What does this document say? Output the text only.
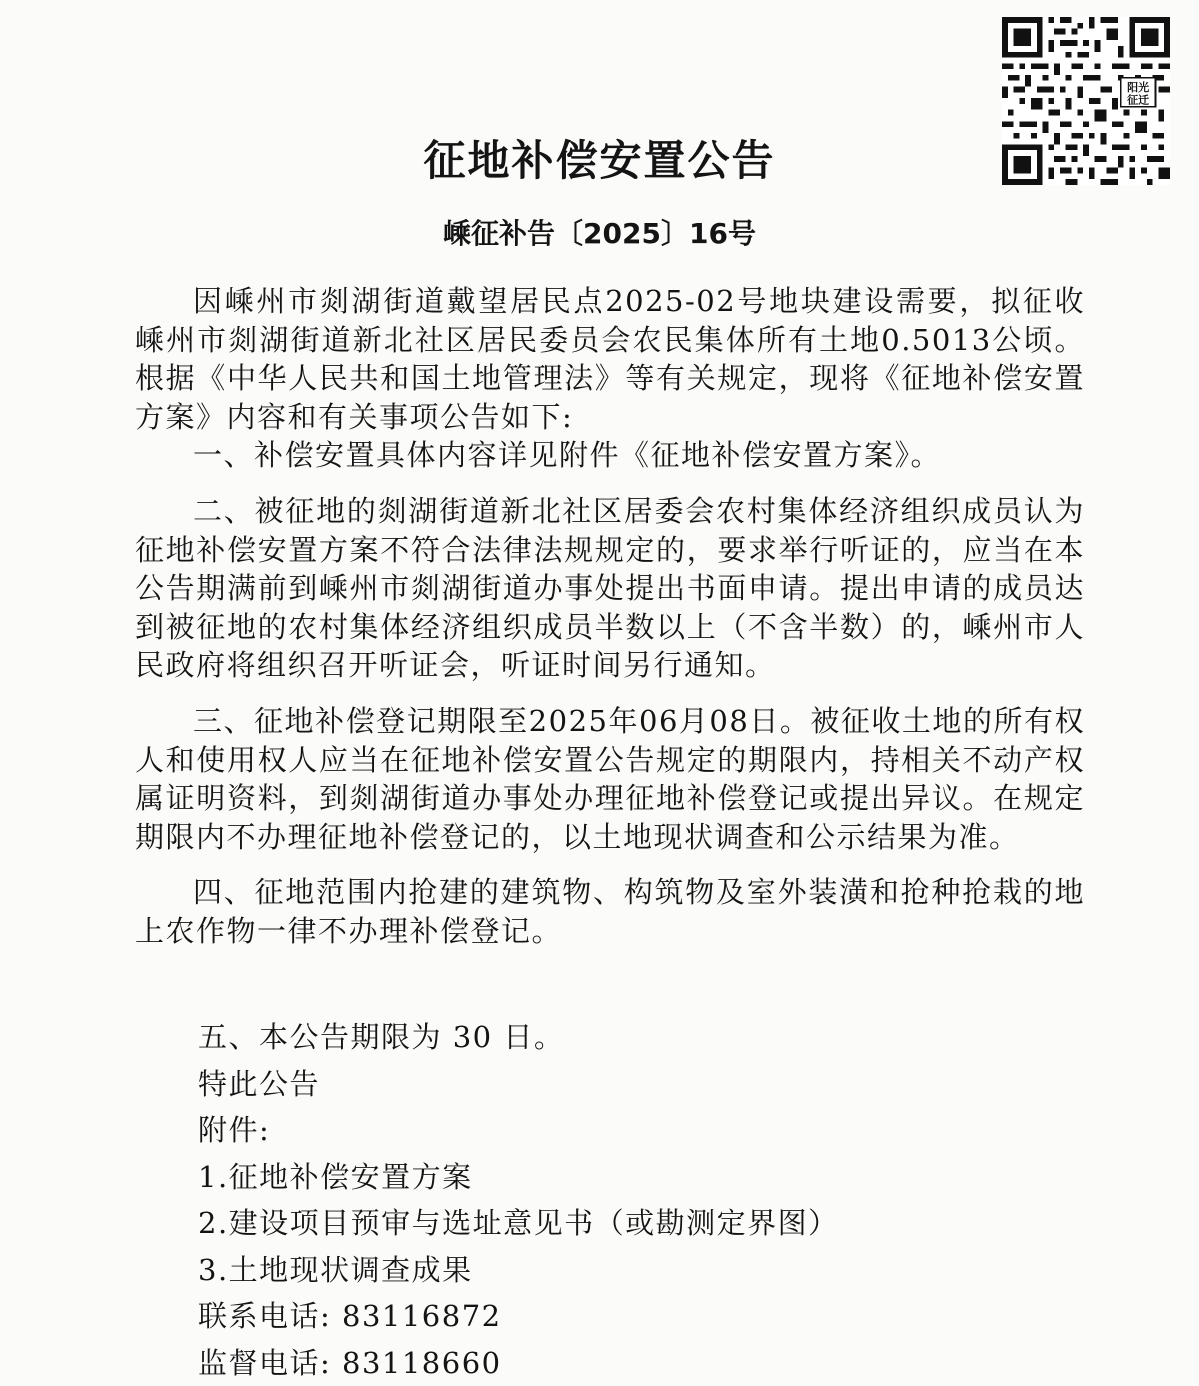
阳光
征迁
征地补偿安置公告
嵊征补告〔2025〕16号

因嵊州市剡湖街道戴望居民点2025-02号地块建设需要，拟征收嵊州市剡湖街道新北社区居民委员会农民集体所有土地0.5013公顷。根据《中华人民共和国土地管理法》等有关规定，现将《征地补偿安置方案》内容和有关事项公告如下:

一、补偿安置具体内容详见附件《征地补偿安置方案》。

二、被征地的剡湖街道新北社区居委会农村集体经济组织成员认为征地补偿安置方案不符合法律法规规定的，要求举行听证的，应当在本公告期满前到嵊州市剡湖街道办事处提出书面申请。提出申请的成员达到被征地的农村集体经济组织成员半数以上（不含半数）的，嵊州市人民政府将组织召开听证会，听证时间另行通知。

三、征地补偿登记期限至2025年06月08日。被征收土地的所有权人和使用权人应当在征地补偿安置公告规定的期限内，持相关不动产权属证明资料，到剡湖街道办事处办理征地补偿登记或提出异议。在规定期限内不办理征地补偿登记的，以土地现状调查和公示结果为准。

四、征地范围内抢建的建筑物、构筑物及室外装潢和抢种抢栽的地上农作物一律不办理补偿登记。

五、本公告期限为 30 日。
特此公告
附件:
1.征地补偿安置方案
2.建设项目预审与选址意见书（或勘测定界图）
3.土地现状调查成果
联系电话: 83116872
监督电话: 83118660
